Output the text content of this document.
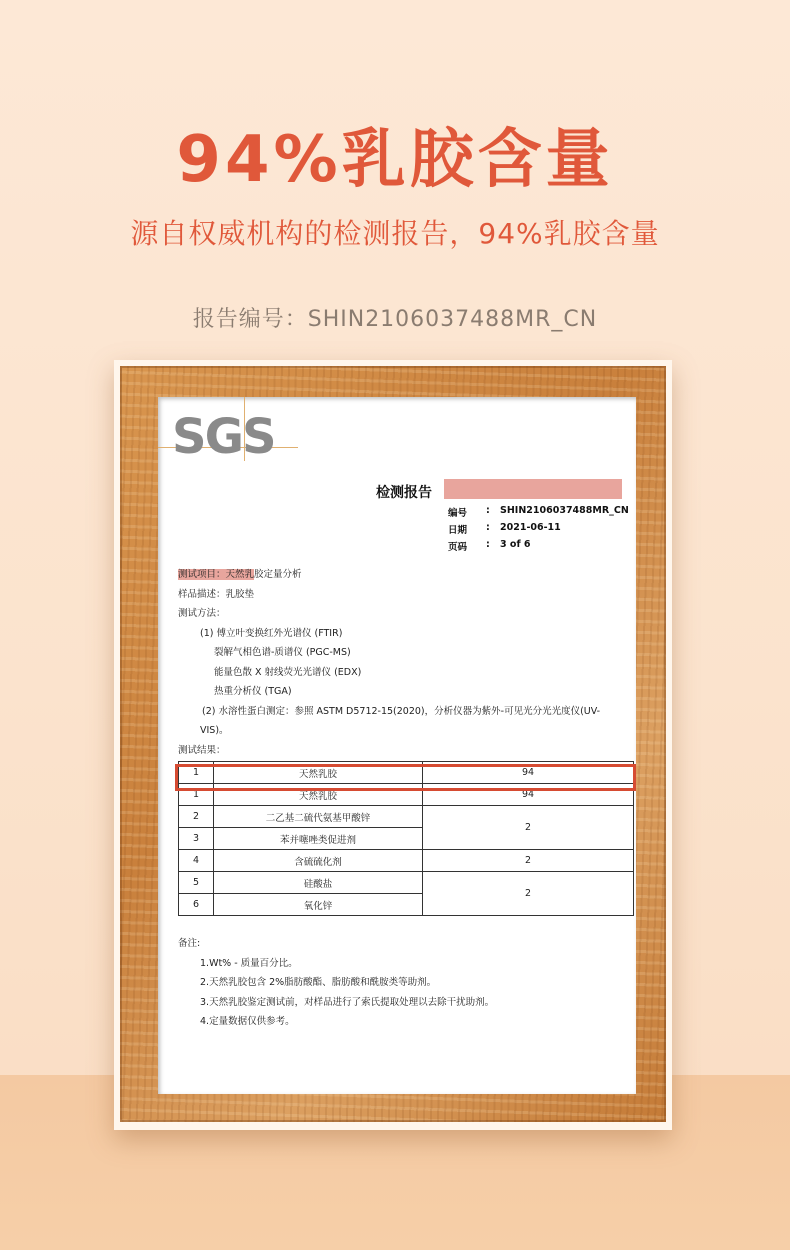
94%乳胶含量
源自权威机构的检测报告，94%乳胶含量
报告编号：SHIN2106037488MR_CN
SGS
检测报告
编号	:	SHIN2106037488MR_CN
日期	:	2021-06-11
页码	:	3 of 6
测试项目：天然乳胶定量分析
样品描述：乳胶垫
测试方法：
(1) 傅立叶变换红外光谱仪 (FTIR)
裂解气相色谱-质谱仪 (PGC-MS)
能量色散 X 射线荧光光谱仪 (EDX)
热重分析仪 (TGA)
(2) 水溶性蛋白测定：参照 ASTM D5712-15(2020)，分析仪器为紫外-可见光分光光度仪(UV-
VIS)。
测试结果：
1	天然乳胶	94
1	天然乳胶	94
2	二乙基二硫代氨基甲酸锌	2
3	苯并噻唑类促进剂	
4	含硫硫化剂	2
5	硅酸盐	2
6	氧化锌	
备注:
1.Wt% - 质量百分比。
2.天然乳胶包含 2%脂肪酸酯、脂肪酸和酰胺类等助剂。
3.天然乳胶鉴定测试前，对样品进行了索氏提取处理以去除干扰助剂。
4.定量数据仅供参考。
